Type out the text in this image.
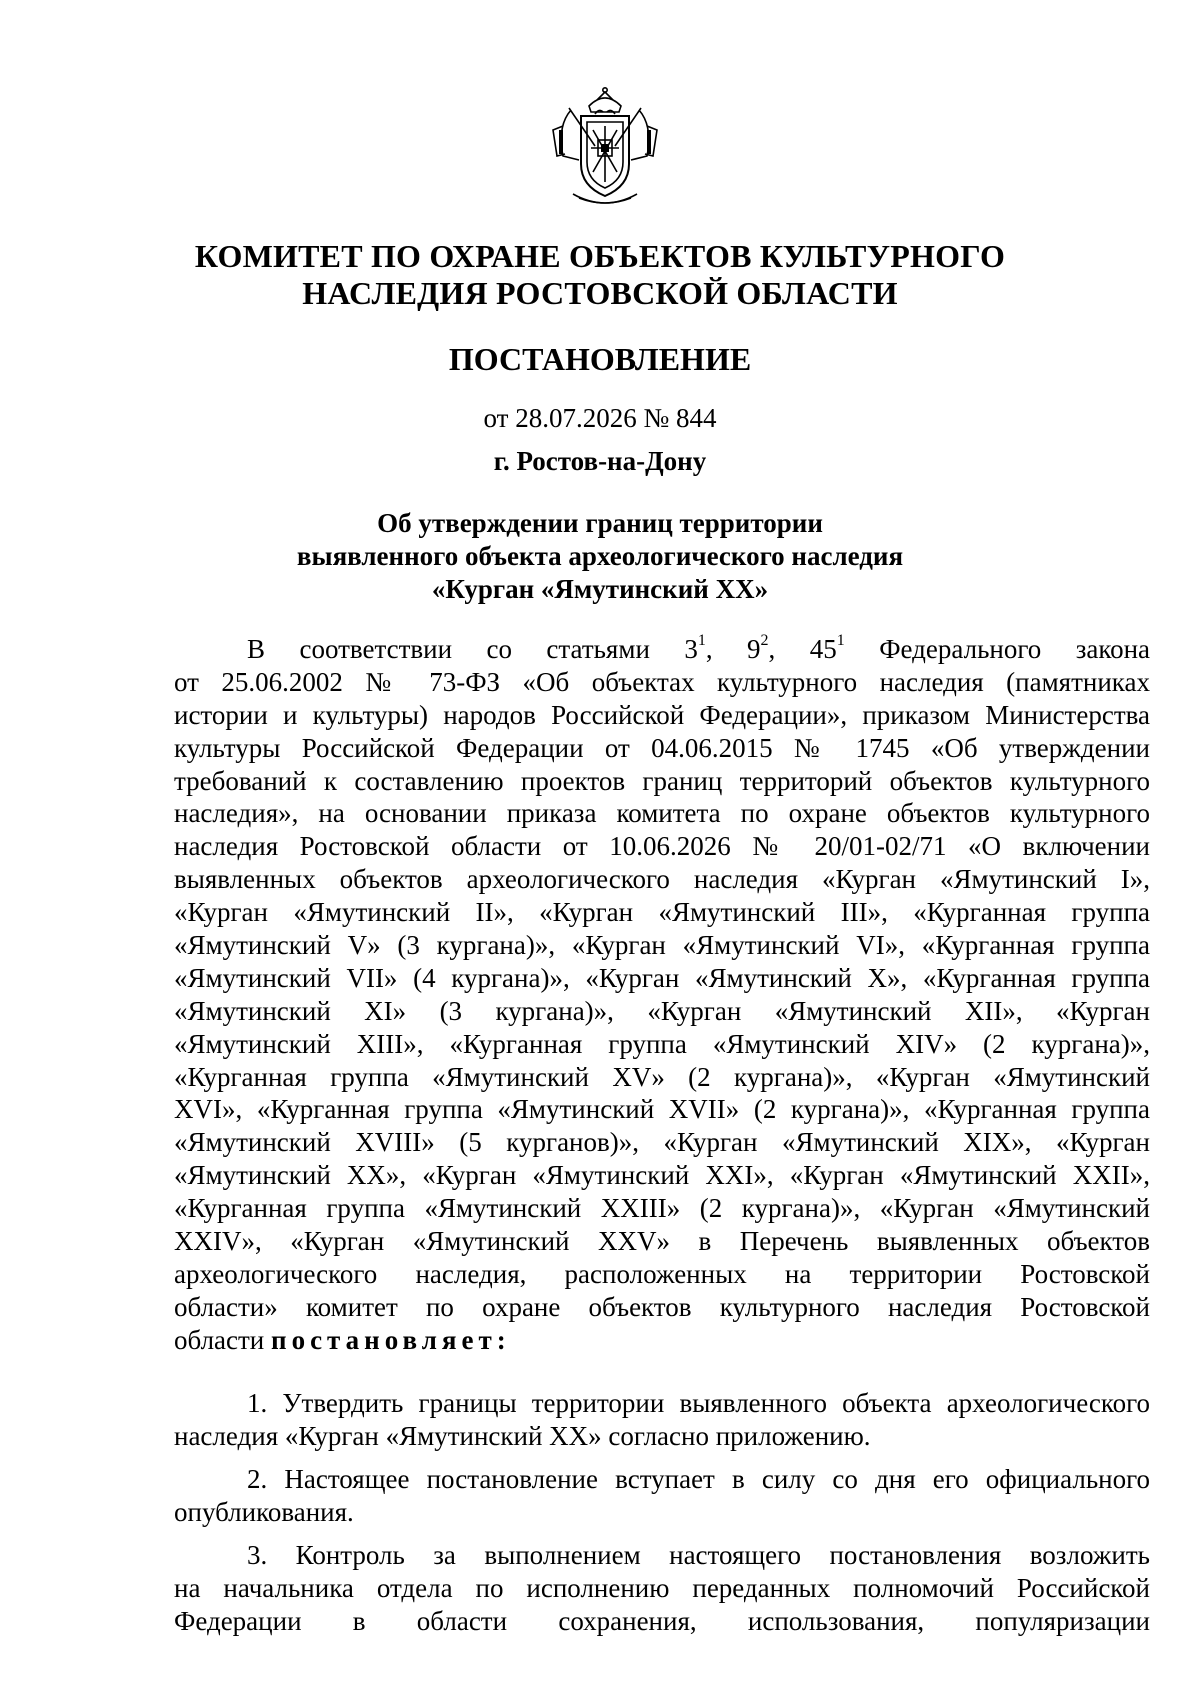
КОМИТЕТ ПО ОХРАНЕ ОБЪЕКТОВ КУЛЬТУРНОГО
НАСЛЕДИЯ РОСТОВСКОЙ ОБЛАСТИ
ПОСТАНОВЛЕНИЕ
от 28.07.2026 № 844
г. Ростов-на-Дону
Об утверждении границ территории
выявленного объекта археологического наследия
«Курган «Ямутинский XX»
В соответствии со статьями $3^1$, $9^2$, $45^1$ Федерального закона
от 25.06.2002 № 73-ФЗ «Об объектах культурного наследия (памятниках
истории и культуры) народов Российской Федерации», приказом Министерства
культуры Российской Федерации от 04.06.2015 № 1745 «Об утверждении
требований к составлению проектов границ территорий объектов культурного
наследия», на основании приказа комитета по охране объектов культурного
наследия Ростовской области от 10.06.2026 № 20/01-02/71 «О включении
выявленных объектов археологического наследия «Курган «Ямутинский I»,
«Курган «Ямутинский II», «Курган «Ямутинский III», «Курганная группа
«Ямутинский V» (3 кургана)», «Курган «Ямутинский VI», «Курганная группа
«Ямутинский VII» (4 кургана)», «Курган «Ямутинский X», «Курганная группа
«Ямутинский XI» (3 кургана)», «Курган «Ямутинский XII», «Курган
«Ямутинский XIII», «Курганная группа «Ямутинский XIV» (2 кургана)»,
«Курганная группа «Ямутинский XV» (2 кургана)», «Курган «Ямутинский
XVI», «Курганная группа «Ямутинский XVII» (2 кургана)», «Курганная группа
«Ямутинский XVIII» (5 курганов)», «Курган «Ямутинский XIX», «Курган
«Ямутинский XX», «Курган «Ямутинский XXI», «Курган «Ямутинский XXII»,
«Курганная группа «Ямутинский XXIII» (2 кургана)», «Курган «Ямутинский
XXIV», «Курган «Ямутинский XXV» в Перечень выявленных объектов
археологического наследия, расположенных на территории Ростовской
области» комитет по охране объектов культурного наследия Ростовской
области постановляет:
1. Утвердить границы территории выявленного объекта археологического
наследия «Курган «Ямутинский XX» согласно приложению.
2. Настоящее постановление вступает в силу со дня его официального
опубликования.
3. Контроль за выполнением настоящего постановления возложить
на начальника отдела по исполнению переданных полномочий Российской
Федерации в области сохранения, использования, популяризации
